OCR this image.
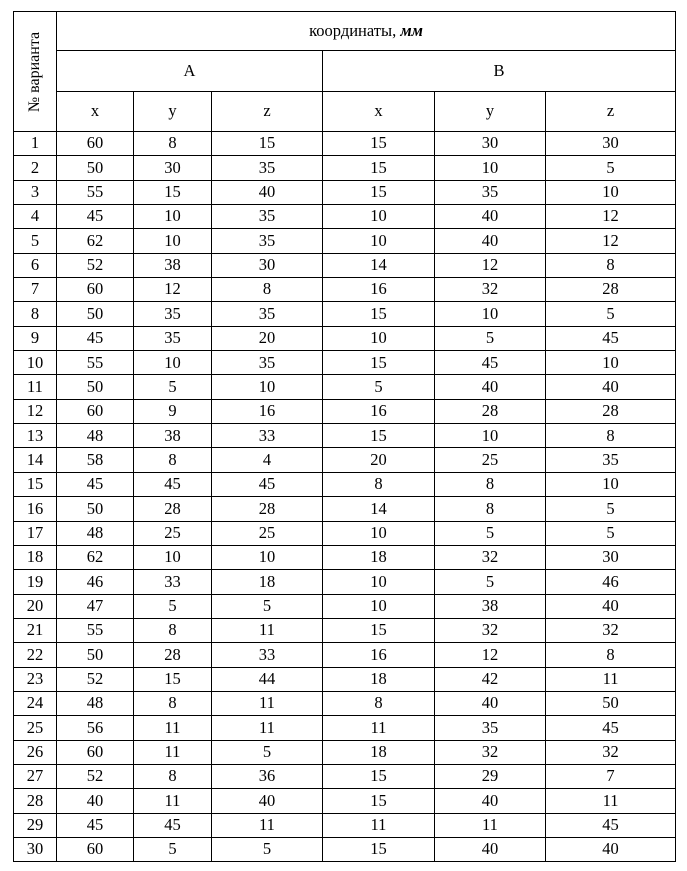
№ варианта	координаты, мм					
	A			B		
	x	y	z	x	y	z
1	60	8	15	15	30	30
2	50	30	35	15	10	5
3	55	15	40	15	35	10
4	45	10	35	10	40	12
5	62	10	35	10	40	12
6	52	38	30	14	12	8
7	60	12	8	16	32	28
8	50	35	35	15	10	5
9	45	35	20	10	5	45
10	55	10	35	15	45	10
11	50	5	10	5	40	40
12	60	9	16	16	28	28
13	48	38	33	15	10	8
14	58	8	4	20	25	35
15	45	45	45	8	8	10
16	50	28	28	14	8	5
17	48	25	25	10	5	5
18	62	10	10	18	32	30
19	46	33	18	10	5	46
20	47	5	5	10	38	40
21	55	8	11	15	32	32
22	50	28	33	16	12	8
23	52	15	44	18	42	11
24	48	8	11	8	40	50
25	56	11	11	11	35	45
26	60	11	5	18	32	32
27	52	8	36	15	29	7
28	40	11	40	15	40	11
29	45	45	11	11	11	45
30	60	5	5	15	40	40
